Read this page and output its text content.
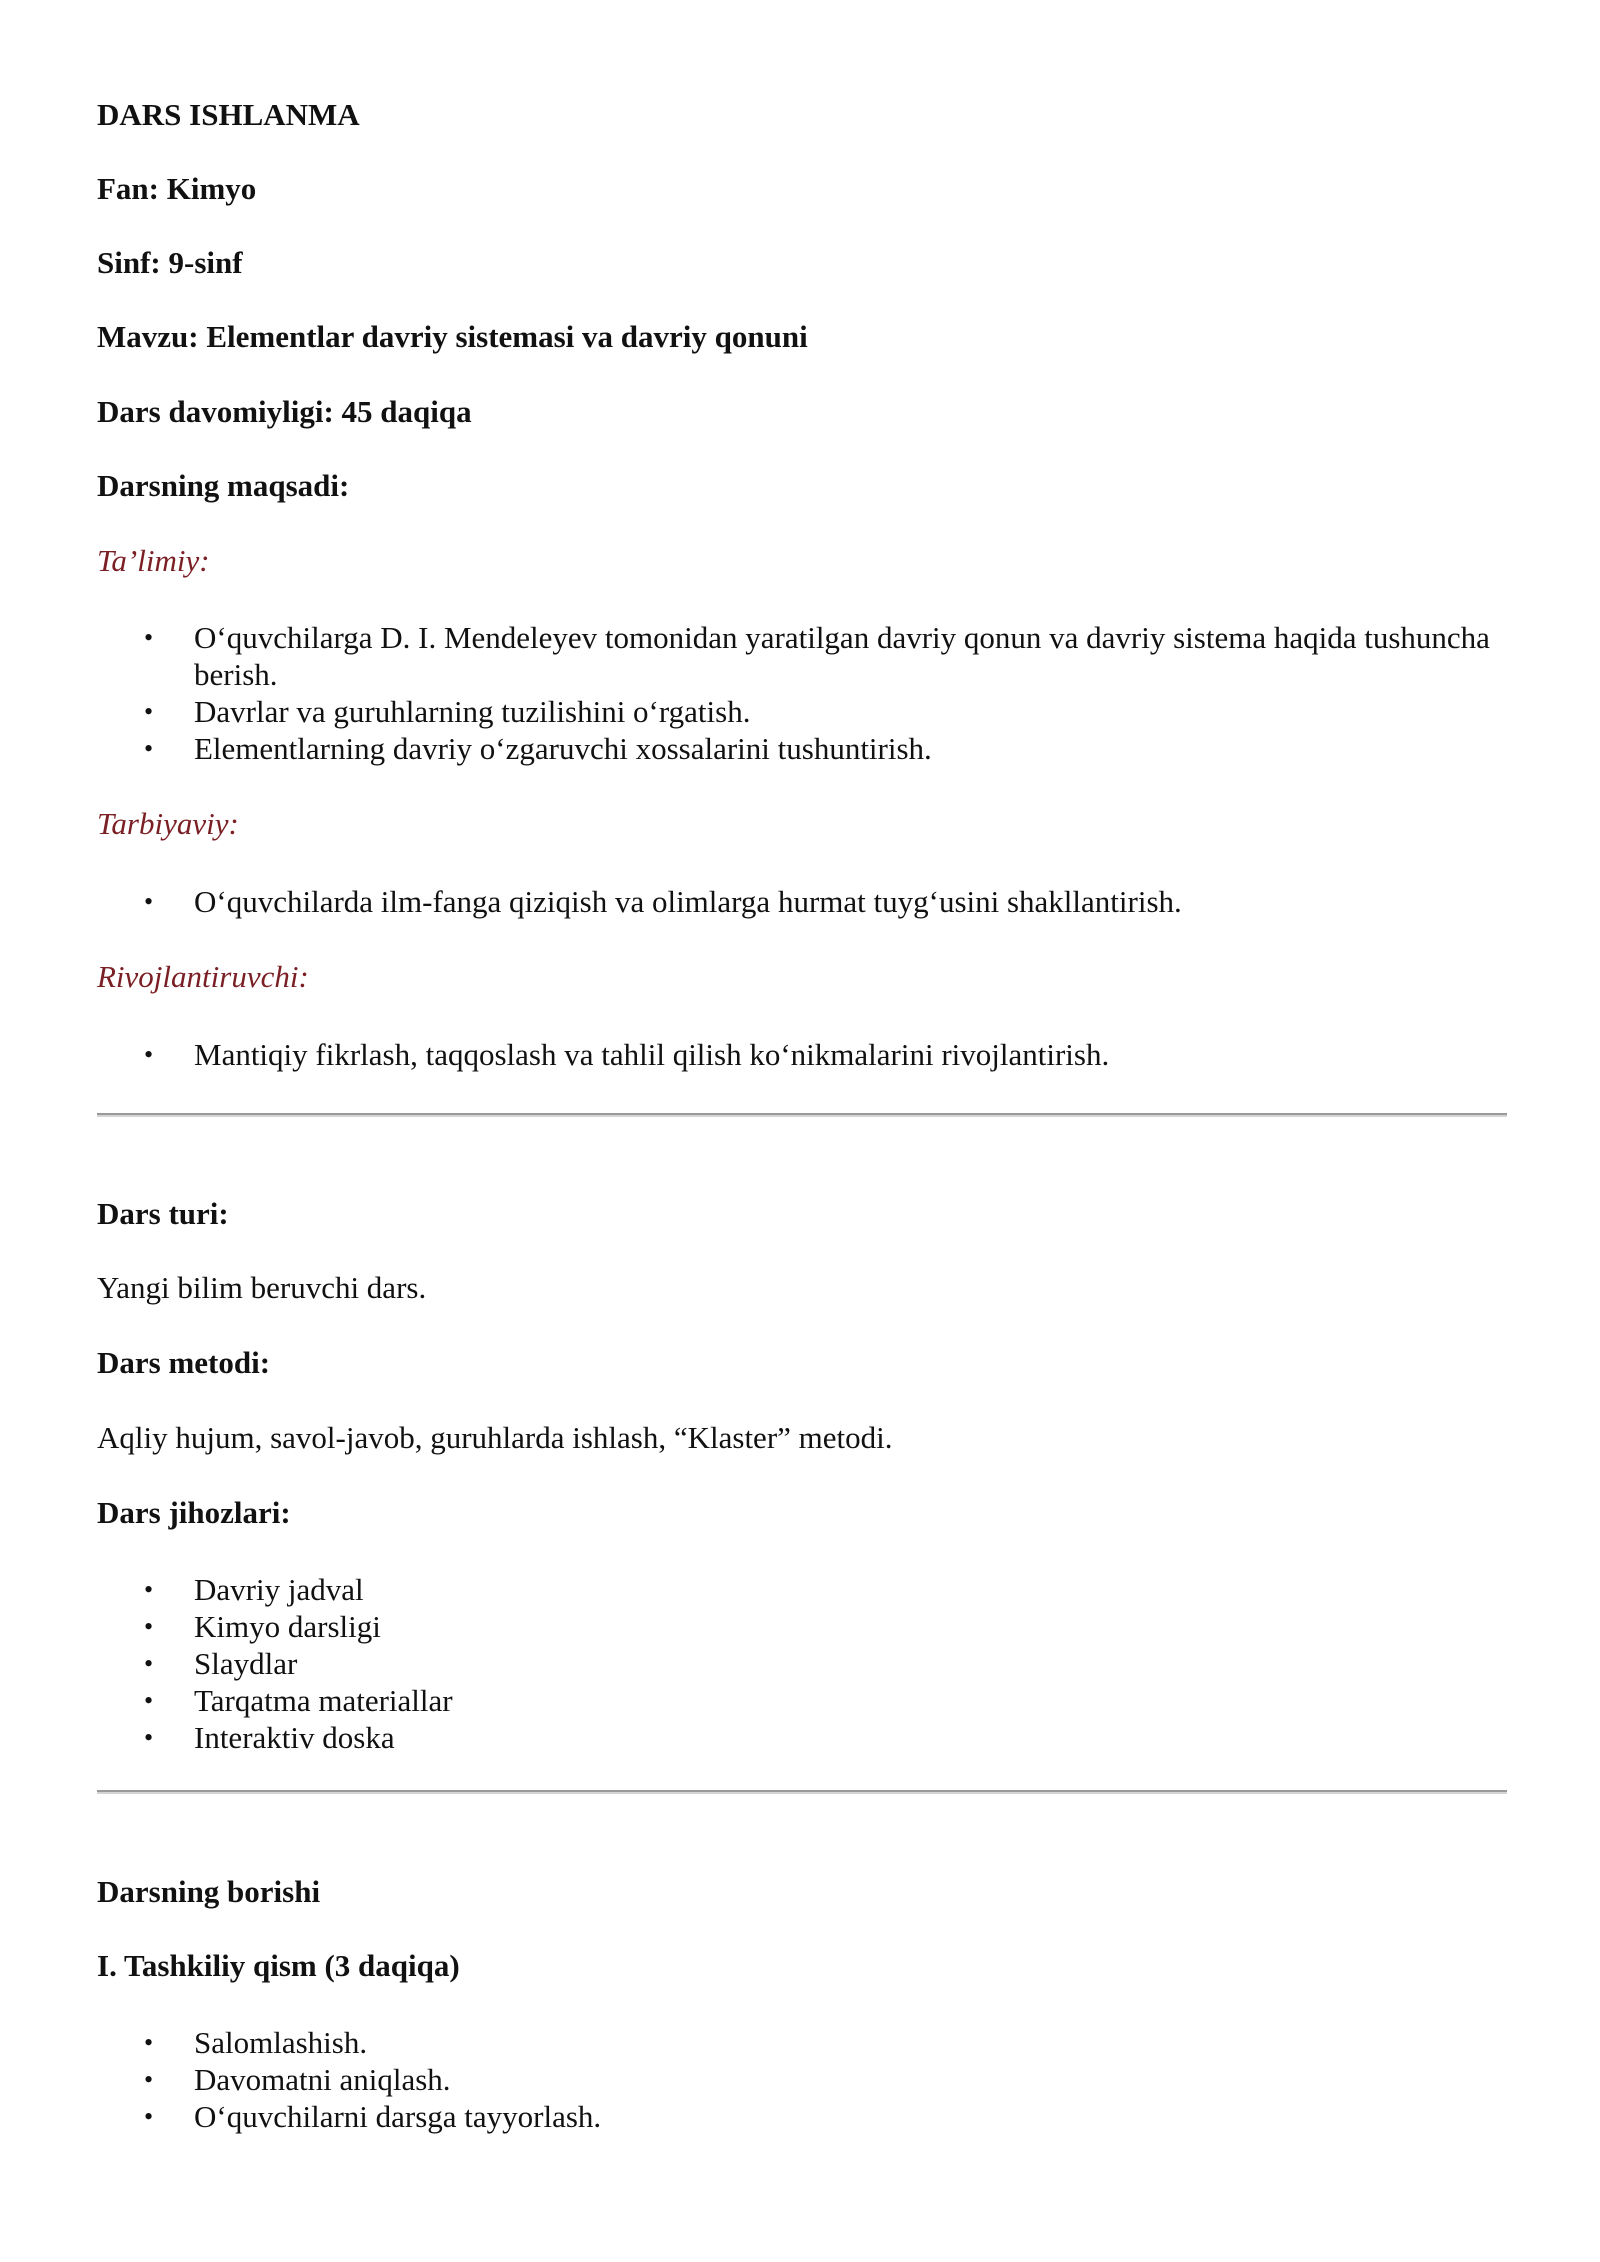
DARS ISHLANMA
Fan: Kimyo
Sinf: 9-sinf
Mavzu: Elementlar davriy sistemasi va davriy qonuni
Dars davomiyligi: 45 daqiqa
Darsning maqsadi:
Ta’limiy:
• O‘quvchilarga D. I. Mendeleyev tomonidan yaratilgan davriy qonun va davriy sistema haqida tushuncha berish.
• Davrlar va guruhlarning tuzilishini o‘rgatish.
• Elementlarning davriy o‘zgaruvchi xossalarini tushuntirish.
Tarbiyaviy:
• O‘quvchilarda ilm-fanga qiziqish va olimlarga hurmat tuyg‘usini shakllantirish.
Rivojlantiruvchi:
• Mantiqiy fikrlash, taqqoslash va tahlil qilish ko‘nikmalarini rivojlantirish.
Dars turi:
Yangi bilim beruvchi dars.
Dars metodi:
Aqliy hujum, savol-javob, guruhlarda ishlash, “Klaster” metodi.
Dars jihozlari:
• Davriy jadval
• Kimyo darsligi
• Slaydlar
• Tarqatma materiallar
• Interaktiv doska
Darsning borishi
I. Tashkiliy qism (3 daqiqa)
• Salomlashish.
• Davomatni aniqlash.
• O‘quvchilarni darsga tayyorlash.
